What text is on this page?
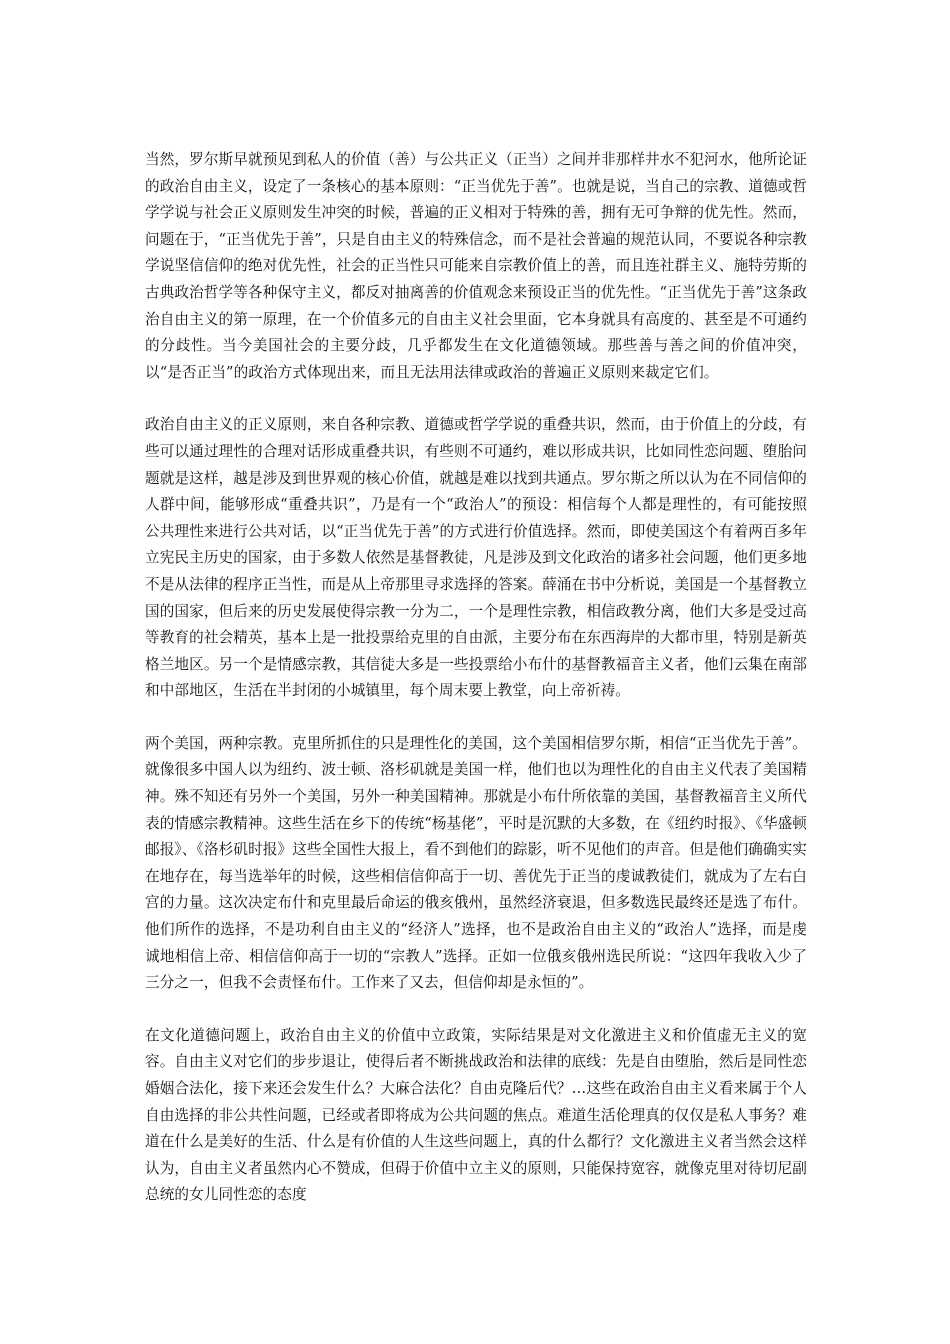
当然，罗尔斯早就预见到私人的价值（善）与公共正义（正当）之间并非那样井水不犯河水，他所论证的政治自由主义，设定了一条核心的基本原则：“正当优先于善”。也就是说，当自己的宗教、道德或哲学学说与社会正义原则发生冲突的时候，普遍的正义相对于特殊的善，拥有无可争辩的优先性。然而，问题在于，“正当优先于善”，只是自由主义的特殊信念，而不是社会普遍的规范认同，不要说各种宗教学说坚信信仰的绝对优先性，社会的正当性只可能来自宗教价值上的善，而且连社群主义、施特劳斯的古典政治哲学等各种保守主义，都反对抽离善的价值观念来预设正当的优先性。“正当优先于善”这条政治自由主义的第一原理，在一个价值多元的自由主义社会里面，它本身就具有高度的、甚至是不可通约的分歧性。当今美国社会的主要分歧，几乎都发生在文化道德领域。那些善与善之间的价值冲突，以“是否正当”的政治方式体现出来，而且无法用法律或政治的普遍正义原则来裁定它们。

政治自由主义的正义原则，来自各种宗教、道德或哲学学说的重叠共识，然而，由于价值上的分歧，有些可以通过理性的合理对话形成重叠共识，有些则不可通约，难以形成共识，比如同性恋问题、堕胎问题就是这样，越是涉及到世界观的核心价值，就越是难以找到共通点。罗尔斯之所以认为在不同信仰的人群中间，能够形成“重叠共识”，乃是有一个“政治人”的预设：相信每个人都是理性的，有可能按照公共理性来进行公共对话，以“正当优先于善”的方式进行价值选择。然而，即使美国这个有着两百多年立宪民主历史的国家，由于多数人依然是基督教徒，凡是涉及到文化政治的诸多社会问题，他们更多地不是从法律的程序正当性，而是从上帝那里寻求选择的答案。薛涌在书中分析说，美国是一个基督教立国的国家，但后来的历史发展使得宗教一分为二，一个是理性宗教，相信政教分离，他们大多是受过高等教育的社会精英，基本上是一批投票给克里的自由派，主要分布在东西海岸的大都市里，特别是新英格兰地区。另一个是情感宗教，其信徒大多是一些投票给小布什的基督教福音主义者，他们云集在南部和中部地区，生活在半封闭的小城镇里，每个周末要上教堂，向上帝祈祷。

两个美国，两种宗教。克里所抓住的只是理性化的美国，这个美国相信罗尔斯，相信“正当优先于善”。就像很多中国人以为纽约、波士顿、洛杉矶就是美国一样，他们也以为理性化的自由主义代表了美国精神。殊不知还有另外一个美国，另外一种美国精神。那就是小布什所依靠的美国，基督教福音主义所代表的情感宗教精神。这些生活在乡下的传统“杨基佬”，平时是沉默的大多数，在《纽约时报》、《华盛顿邮报》、《洛杉矶时报》这些全国性大报上，看不到他们的踪影，听不见他们的声音。但是他们确确实实在地存在，每当选举年的时候，这些相信信仰高于一切、善优先于正当的虔诚教徒们，就成为了左右白宫的力量。这次决定布什和克里最后命运的俄亥俄州，虽然经济衰退，但多数选民最终还是选了布什。他们所作的选择，不是功利自由主义的“经济人”选择，也不是政治自由主义的“政治人”选择，而是虔诚地相信上帝、相信信仰高于一切的“宗教人”选择。正如一位俄亥俄州选民所说：“这四年我收入少了三分之一，但我不会责怪布什。工作来了又去，但信仰却是永恒的”。

在文化道德问题上，政治自由主义的价值中立政策，实际结果是对文化激进主义和价值虚无主义的宽容。自由主义对它们的步步退让，使得后者不断挑战政治和法律的底线：先是自由堕胎，然后是同性恋婚姻合法化，接下来还会发生什么？大麻合法化？自由克隆后代？…这些在政治自由主义看来属于个人自由选择的非公共性问题，已经或者即将成为公共问题的焦点。难道生活伦理真的仅仅是私人事务？难道在什么是美好的生活、什么是有价值的人生这些问题上，真的什么都行？文化激进主义者当然会这样认为，自由主义者虽然内心不赞成，但碍于价值中立主义的原则，只能保持宽容，就像克里对待切尼副总统的女儿同性恋的态度
